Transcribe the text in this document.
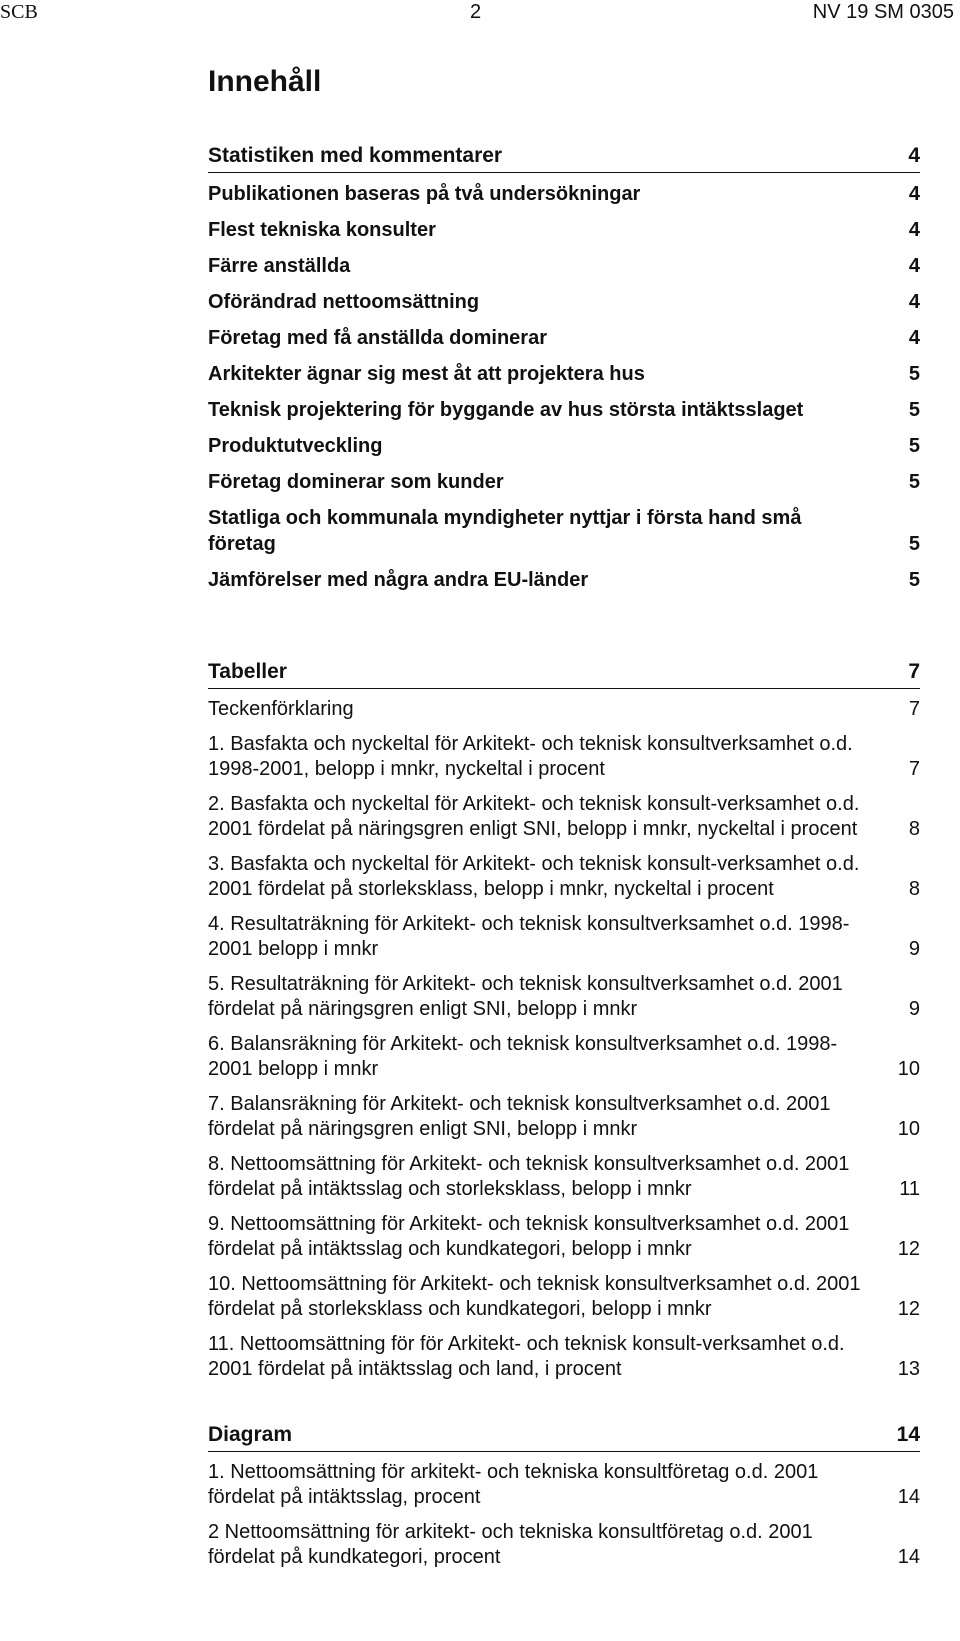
SCB	2	NV 19 SM 0305
Innehåll
Statistiken med kommentarer	4
Publikationen baseras på två undersökningar	4
Flest tekniska konsulter	4
Färre anställda	4
Oförändrad nettoomsättning	4
Företag med få anställda dominerar	4
Arkitekter ägnar sig mest åt att projektera hus	5
Teknisk projektering för byggande av hus största intäktsslaget	5
Produktutveckling	5
Företag dominerar som kunder	5
Statliga och kommunala myndigheter nyttjar i första hand små företag	5
Jämförelser med några andra EU-länder	5
Tabeller	7
Teckenförklaring	7
1. Basfakta och nyckeltal för Arkitekt- och teknisk konsultverksamhet o.d. 1998-2001, belopp i mnkr, nyckeltal i procent	7
2. Basfakta och nyckeltal för Arkitekt- och teknisk konsult-verksamhet o.d. 2001 fördelat på näringsgren enligt SNI, belopp i mnkr, nyckeltal i procent	8
3. Basfakta och nyckeltal för Arkitekt- och teknisk konsult-verksamhet o.d. 2001 fördelat på storleksklass, belopp i mnkr, nyckeltal i procent	8
4. Resultaträkning för Arkitekt- och teknisk konsultverksamhet o.d. 1998-2001 belopp i mnkr	9
5. Resultaträkning för Arkitekt- och teknisk konsultverksamhet o.d. 2001 fördelat på näringsgren enligt SNI, belopp i mnkr	9
6. Balansräkning för Arkitekt- och teknisk konsultverksamhet o.d. 1998-2001 belopp i mnkr	10
7. Balansräkning för Arkitekt- och teknisk konsultverksamhet o.d. 2001 fördelat på näringsgren enligt SNI, belopp i mnkr	10
8. Nettoomsättning för Arkitekt- och teknisk konsultverksamhet o.d. 2001 fördelat på intäktsslag och storleksklass, belopp i mnkr	11
9. Nettoomsättning för Arkitekt- och teknisk konsultverksamhet o.d. 2001 fördelat på intäktsslag och kundkategori, belopp i mnkr	12
10. Nettoomsättning för Arkitekt- och teknisk konsultverksamhet o.d. 2001 fördelat på storleksklass och kundkategori, belopp i mnkr	12
11. Nettoomsättning för för Arkitekt- och teknisk konsult-verksamhet o.d. 2001 fördelat på intäktsslag och land, i procent	13
Diagram	14
1. Nettoomsättning för arkitekt- och tekniska konsultföretag o.d. 2001 fördelat på intäktsslag, procent	14
2 Nettoomsättning för arkitekt- och tekniska konsultföretag o.d. 2001 fördelat på kundkategori, procent	14
